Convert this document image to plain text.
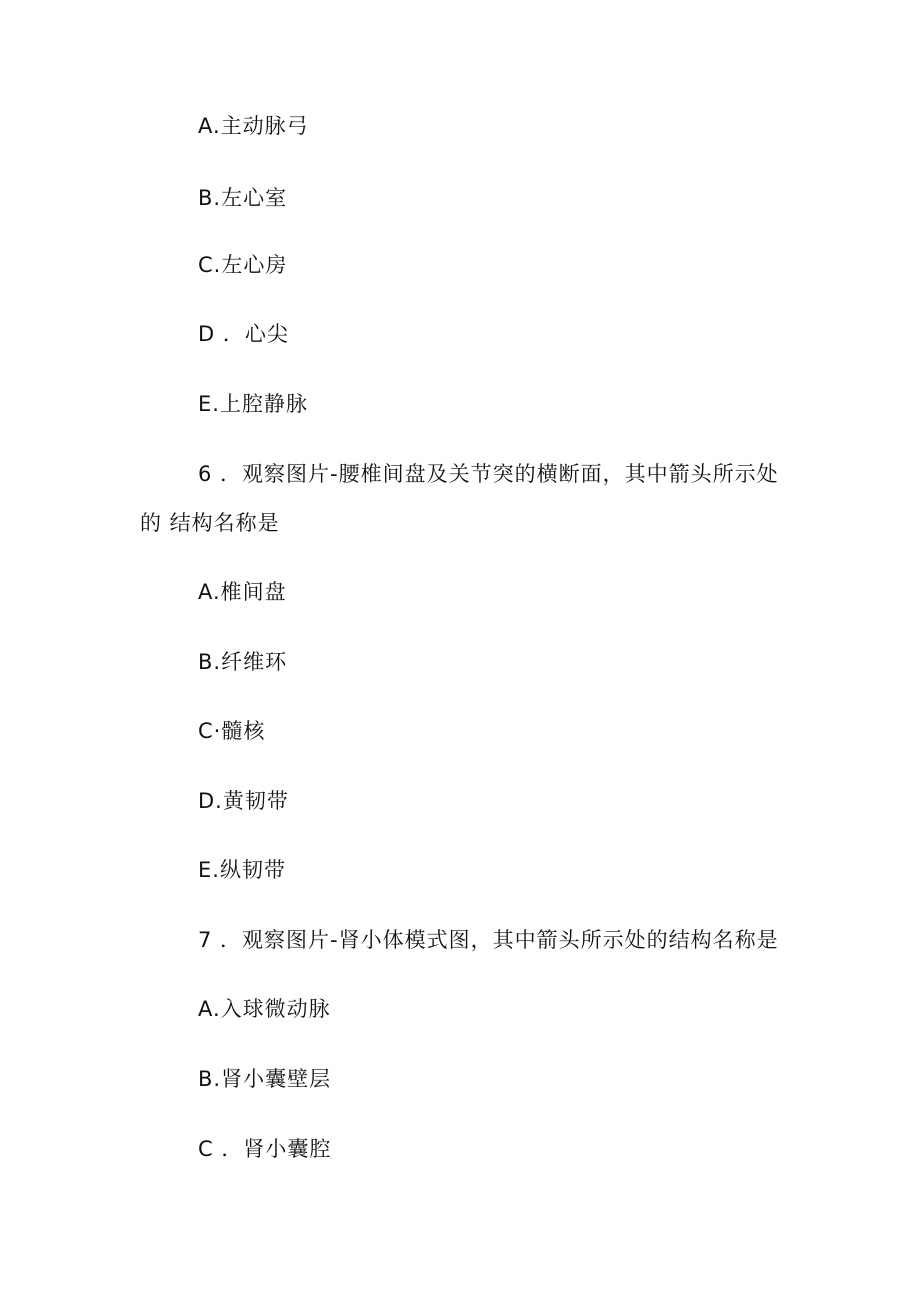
A.主动脉弓
B.左心室
C.左心房
D ．心尖
E.上腔静脉
6 ．观察图片-腰椎间盘及关节突的横断面，其中箭头所示处
的 结构名称是
A.椎间盘
B.纤维环
C·髓核
D.黄韧带
E.纵韧带
7 ．观察图片-肾小体模式图，其中箭头所示处的结构名称是
A.入球微动脉
B.肾小囊壁层
C ．肾小囊腔
